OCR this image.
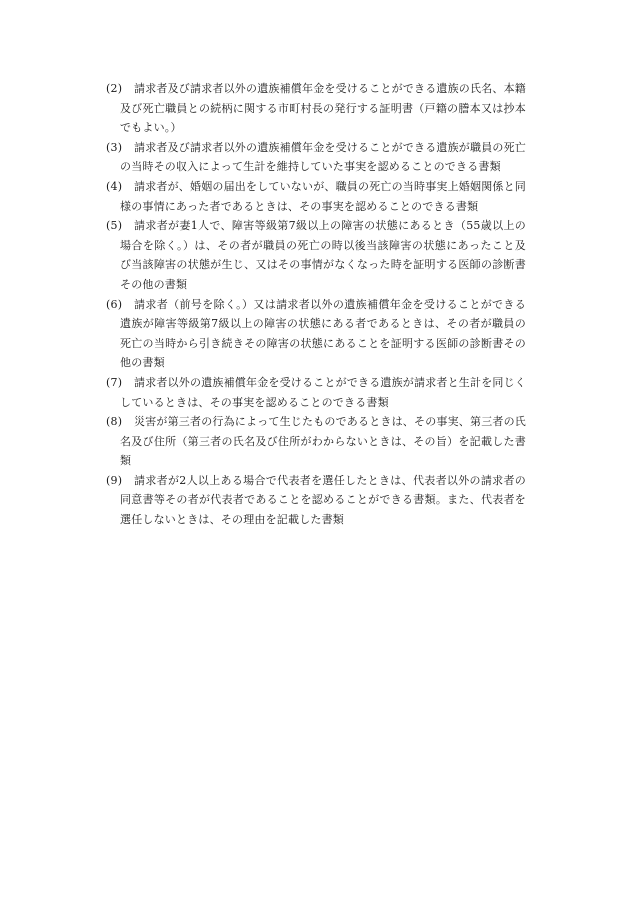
(2)	請求者及び請求者以外の遺族補償年金を受けることができる遺族の氏名、本籍及び死亡職員との続柄に関する市町村長の発行する証明書（戸籍の謄本又は抄本でもよい。）
(3)	請求者及び請求者以外の遺族補償年金を受けることができる遺族が職員の死亡の当時その収入によって生計を維持していた事実を認めることのできる書類
(4)	請求者が、婚姻の届出をしていないが、職員の死亡の当時事実上婚姻関係と同様の事情にあった者であるときは、その事実を認めることのできる書類
(5)	請求者が妻1人で、障害等級第7級以上の障害の状態にあるとき（55歳以上の場合を除く。）は、その者が職員の死亡の時以後当該障害の状態にあったこと及び当該障害の状態が生じ、又はその事情がなくなった時を証明する医師の診断書その他の書類
(6)	請求者（前号を除く。）又は請求者以外の遺族補償年金を受けることができる遺族が障害等級第7級以上の障害の状態にある者であるときは、その者が職員の死亡の当時から引き続きその障害の状態にあることを証明する医師の診断書その他の書類
(7)	請求者以外の遺族補償年金を受けることができる遺族が請求者と生計を同じくしているときは、その事実を認めることのできる書類
(8)	災害が第三者の行為によって生じたものであるときは、その事実、第三者の氏名及び住所（第三者の氏名及び住所がわからないときは、その旨）を記載した書類
(9)	請求者が2人以上ある場合で代表者を選任したときは、代表者以外の請求者の同意書等その者が代表者であることを認めることができる書類。また、代表者を選任しないときは、その理由を記載した書類
